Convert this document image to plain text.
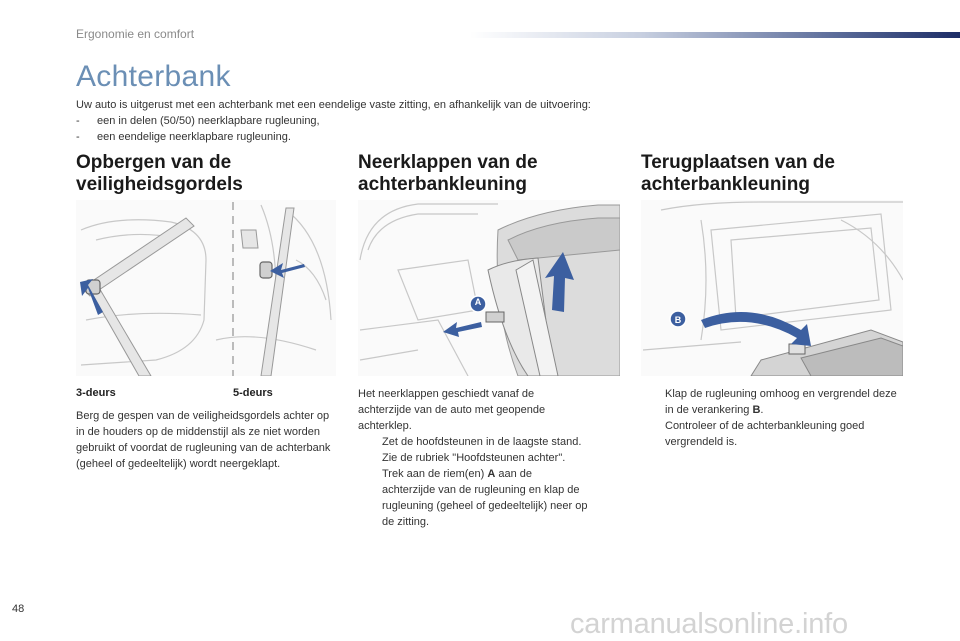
Ergonomie en comfort
Achterbank
Uw auto is uitgerust met een achterbank met een eendelige vaste zitting, en afhankelijk van de uitvoering:
-	een in delen (50/50) neerklapbare rugleuning,
-	een eendelige neerklapbare rugleuning.
Opbergen van de
veiligheidsgordels
Neerklappen van de
achterbankleuning
Terugplaatsen van de
achterbankleuning
A
B
3-deurs	5-deurs
Berg de gespen van de veiligheidsgordels achter op in de houders op de middenstijl als ze niet worden gebruikt of voordat de rugleuning van de achterbank (geheel of gedeeltelijk) wordt neergeklapt.
Het neerklappen geschiedt vanaf de achterzijde van de auto met geopende achterklep.
Zet de hoofdsteunen in de laagste stand.
Zie de rubriek "Hoofdsteunen achter".
Trek aan de riem(en) A aan de achterzijde van de rugleuning en klap de rugleuning (geheel of gedeeltelijk) neer op de zitting.
Klap de rugleuning omhoog en vergrendel deze in de verankering B.
Controleer of de achterbankleuning goed vergrendeld is.
48	carmanualsonline.info
